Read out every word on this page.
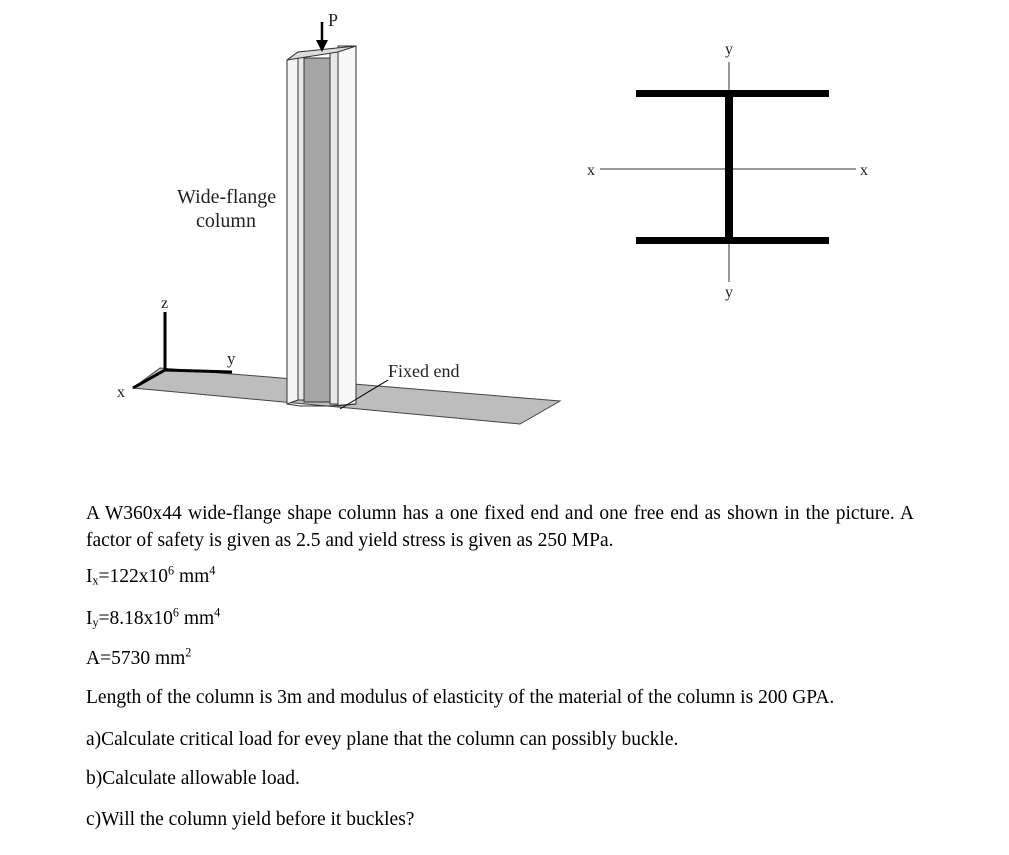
P
Wide-flange
column
z
y
x
Fixed end
y
y
x	x

A W360x44 wide-flange shape column has a one fixed end and one free end as shown in the picture. A factor of safety is given as 2.5 and yield stress is given as 250 MPa.

$I_x=122x10^6$ $mm^4$
$I_y=8.18x10^6$ $mm^4$
A=5730 $mm^2$
Length of the column is 3m and modulus of elasticity of the material of the column is 200 GPA.
a)Calculate critical load for evey plane that the column can possibly buckle.
b)Calculate allowable load.
c)Will the column yield before it buckles?
